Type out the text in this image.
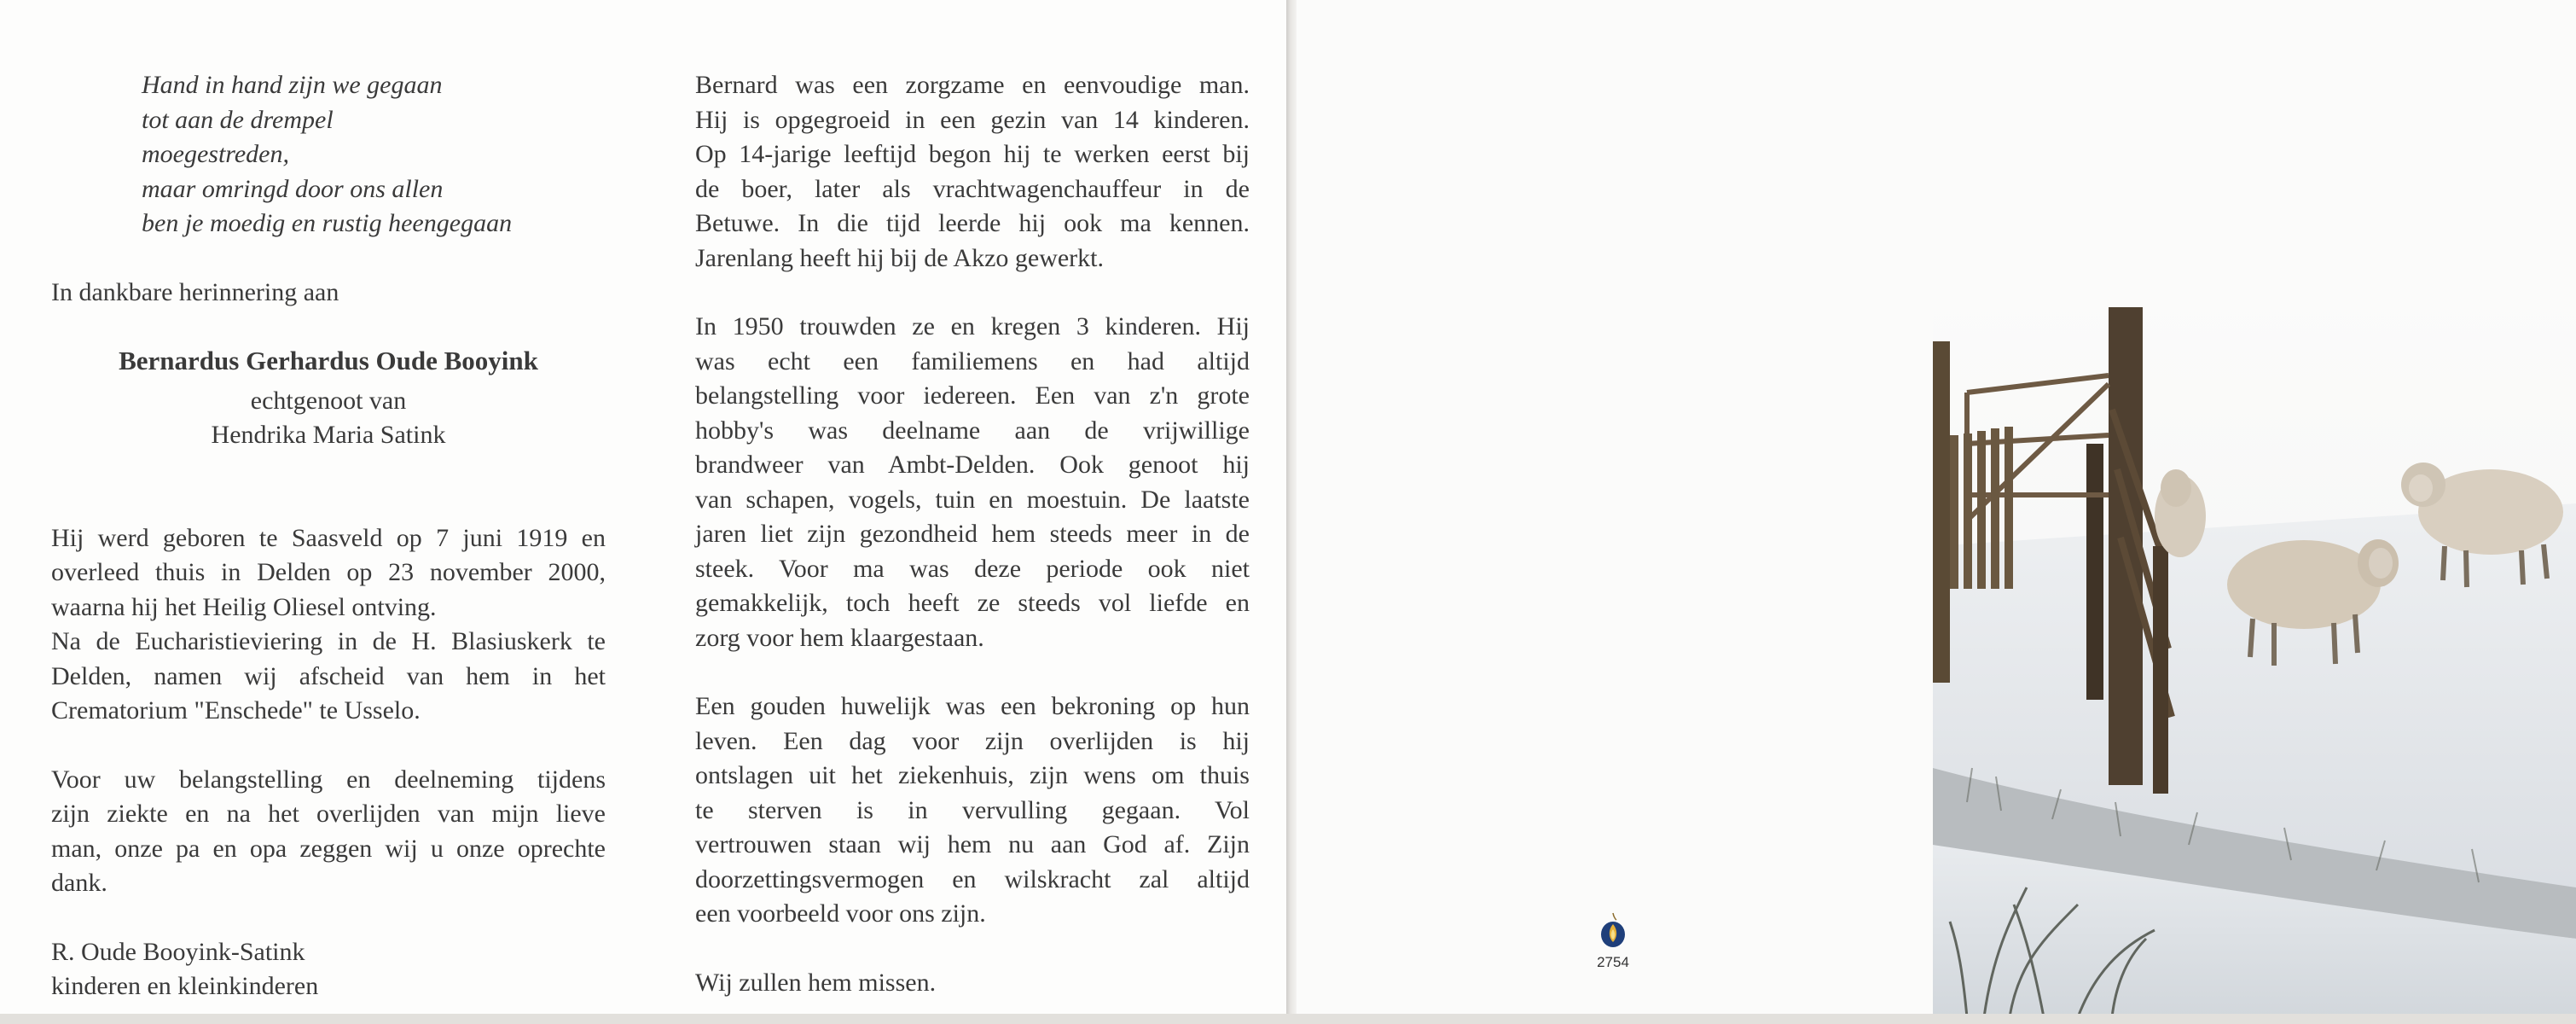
Hand in hand zijn we gegaan
tot aan de drempel
moegestreden,
maar omringd door ons allen
ben je moedig en rustig heengegaan
In dankbare herinnering aan
Bernardus Gerhardus Oude Booyink
echtgenoot van
Hendrika Maria Satink
Hij werd geboren te Saasveld op 7 juni 1919 en
overleed thuis in Delden op 23 november 2000,
waarna hij het Heilig Oliesel ontving.
Na de Eucharistieviering in de H. Blasiuskerk te
Delden, namen wij afscheid van hem in het
Crematorium "Enschede" te Usselo.
Voor uw belangstelling en deelneming tijdens
zijn ziekte en na het overlijden van mijn lieve
man, onze pa en opa zeggen wij u onze oprechte
dank.
R. Oude Booyink-Satink
kinderen en kleinkinderen
Bernard was een zorgzame en eenvoudige man.
Hij is opgegroeid in een gezin van 14 kinderen.
Op 14-jarige leeftijd begon hij te werken eerst bij
de boer, later als vrachtwagenchauffeur in de
Betuwe. In die tijd leerde hij ook ma kennen.
Jarenlang heeft hij bij de Akzo gewerkt.
In 1950 trouwden ze en kregen 3 kinderen. Hij
was echt een familiemens en had altijd
belangstelling voor iedereen. Een van z'n grote
hobby's was deelname aan de vrijwillige
brandweer van Ambt-Delden. Ook genoot hij
van schapen, vogels, tuin en moestuin. De laatste
jaren liet zijn gezondheid hem steeds meer in de
steek. Voor ma was deze periode ook niet
gemakkelijk, toch heeft ze steeds vol liefde en
zorg voor hem klaargestaan.
Een gouden huwelijk was een bekroning op hun
leven. Een dag voor zijn overlijden is hij
ontslagen uit het ziekenhuis, zijn wens om thuis
te sterven is in vervulling gegaan. Vol
vertrouwen staan wij hem nu aan God af. Zijn
doorzettingsvermogen en wilskracht zal altijd
een voorbeeld voor ons zijn.
Wij zullen hem missen.
2754
